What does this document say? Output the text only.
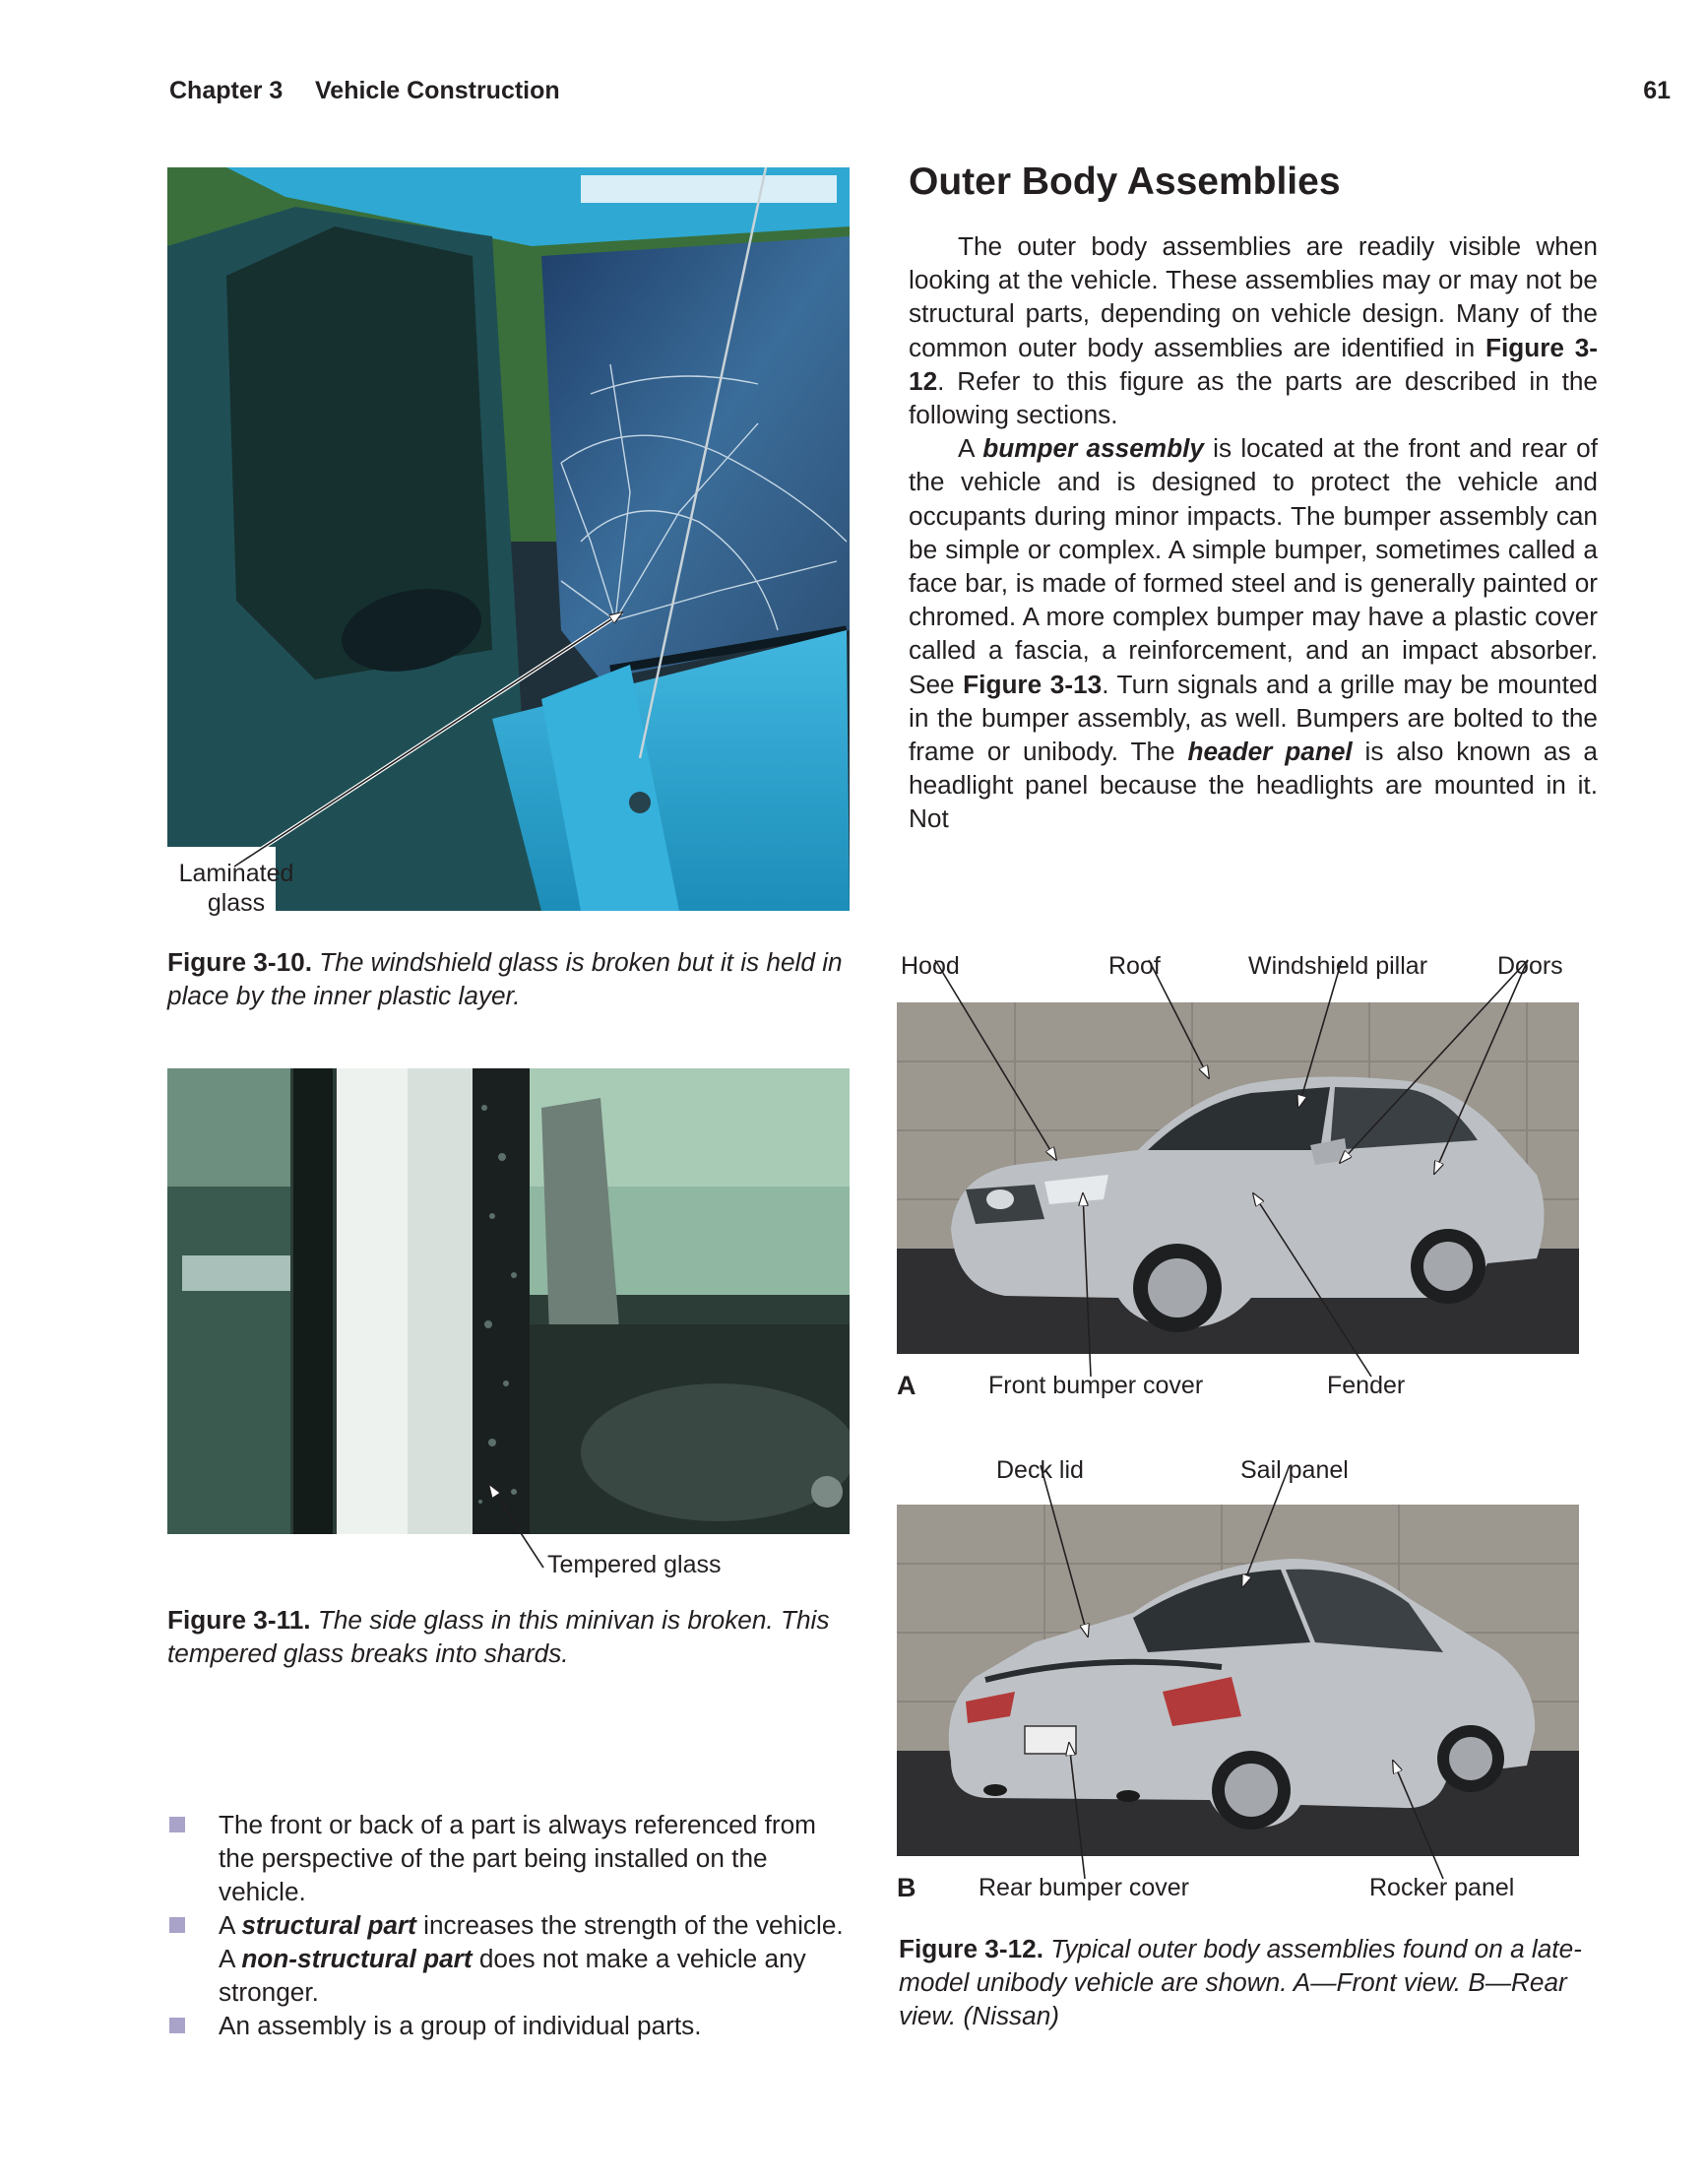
Chapter 3 Vehicle Construction	61
Outer Body Assemblies

The outer body assemblies are readily visible when looking at the vehicle. These assemblies may or may not be structural parts, depending on vehicle design. Many of the common outer body assemblies are identified in Figure 3-12. Refer to this figure as the parts are described in the following sections.

A bumper assembly is located at the front and rear of the vehicle and is designed to protect the vehicle and occupants during minor impacts. The bumper assembly can be simple or complex. A simple bumper, sometimes called a face bar, is made of formed steel and is generally painted or chromed. A more complex bumper may have a plastic cover called a fascia, a reinforcement, and an impact absorber. See Figure 3-13. Turn signals and a grille may be mounted in the bumper assembly, as well. Bumpers are bolted to the frame or unibody. The header panel is also known as a headlight panel because the headlights are mounted in it. Not

Laminated
glass
Figure 3-10. The windshield glass is broken but it is held in place by the inner plastic layer.
Tempered glass
Figure 3-11. The side glass in this minivan is broken. This tempered glass breaks into shards.
Hood	Roof	Windshield pillar	Doors
A	Front bumper cover	Fender
Deck lid	Sail panel
B	Rear bumper cover	Rocker panel
Figure 3-12. Typical outer body assemblies found on a late-model unibody vehicle are shown. A—Front view. B—Rear view. (Nissan)
The front or back of a part is always referenced from the perspective of the part being installed on the vehicle.
A structural part increases the strength of the vehicle. A non-structural part does not make a vehicle any stronger.
An assembly is a group of individual parts.
